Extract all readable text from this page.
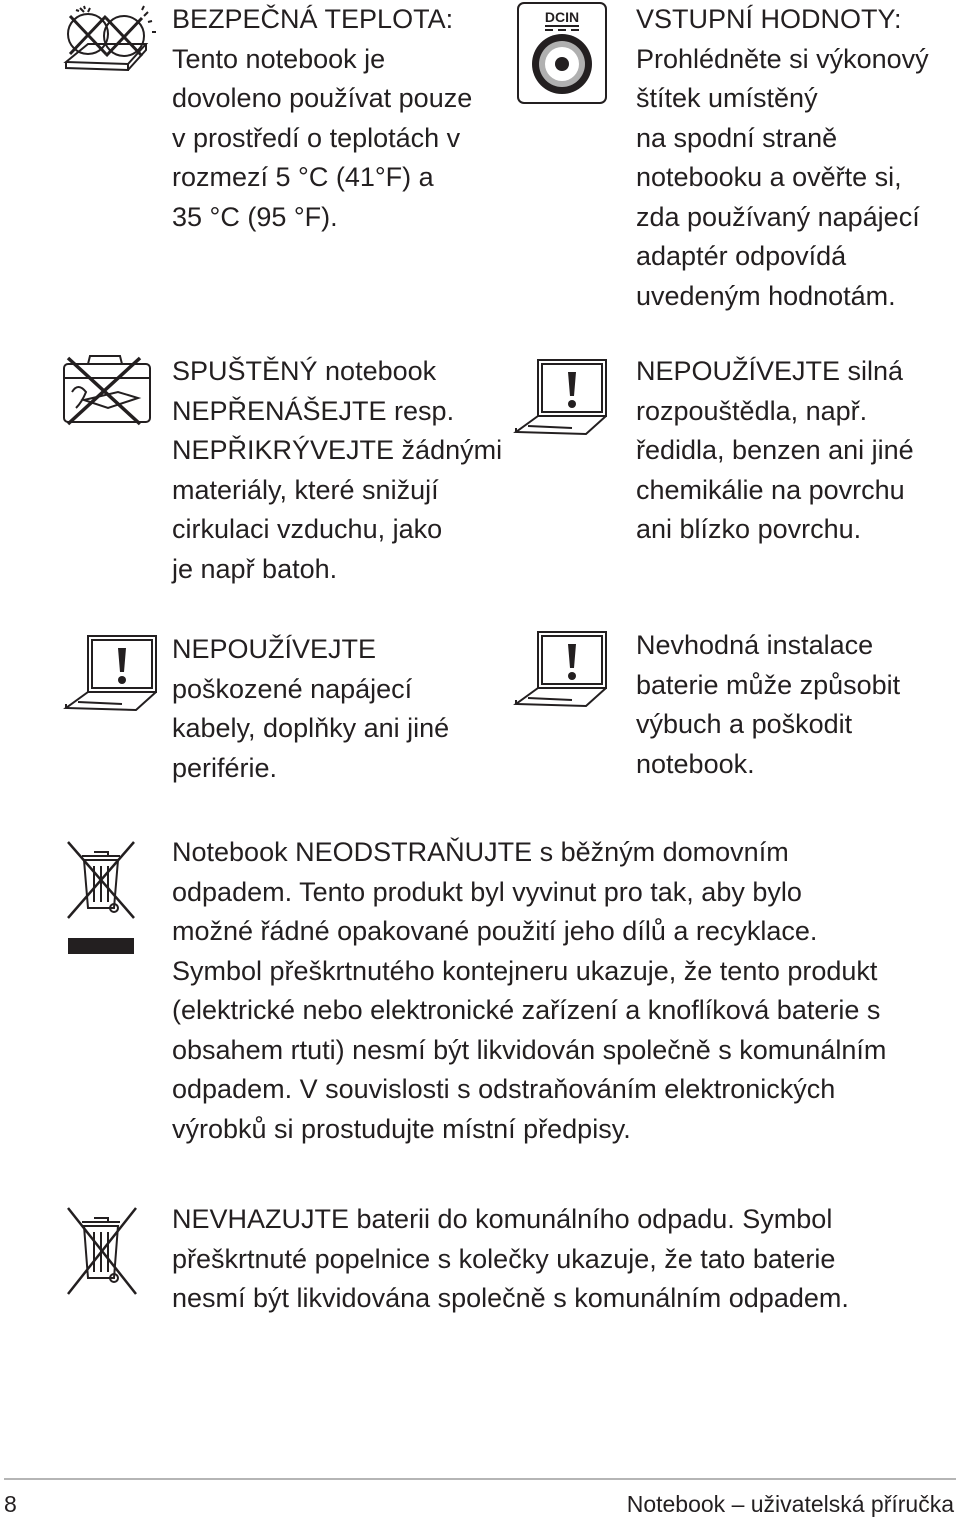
BEZPEČNÁ TEPLOTA:
Tento notebook je
dovoleno používat pouze
v prostředí o teplotách v
rozmezí 5 °C (41°F) a
35 °C (95 °F).

DCIN VSTUPNÍ HODNOTY:
Prohlédněte si výkonový
štítek umístěný
na spodní straně
notebooku a ověřte si,
zda používaný napájecí
adaptér odpovídá
uvedeným hodnotám.

SPUŠTĚNÝ notebook
NEPŘENÁŠEJTE resp.
NEPŘIKRÝVEJTE žádnými
materiály, které snižují
cirkulaci vzduchu, jako
je např batoh.

NEPOUŽÍVEJTE silná
rozpouštědla, např.
ředidla, benzen ani jiné
chemikálie na povrchu
ani blízko povrchu.

NEPOUŽÍVEJTE
poškozené napájecí
kabely, doplňky ani jiné
periférie.

Nevhodná instalace
baterie může způsobit
výbuch a poškodit
notebook.

Notebook NEODSTRAŇUJTE s běžným domovním
odpadem. Tento produkt byl vyvinut pro tak, aby bylo
možné řádné opakované použití jeho dílů a recyklace.
Symbol přeškrtnutého kontejneru ukazuje, že tento produkt
(elektrické nebo elektronické zařízení a knoflíková baterie s
obsahem rtuti) nesmí být likvidován společně s komunálním
odpadem. V souvislosti s odstraňováním elektronických
výrobků si prostudujte místní předpisy.

NEVHAZUJTE baterii do komunálního odpadu. Symbol
přeškrtnuté popelnice s kolečky ukazuje, že tato baterie
nesmí být likvidována společně s komunálním odpadem.

8	Notebook – uživatelská příručka
